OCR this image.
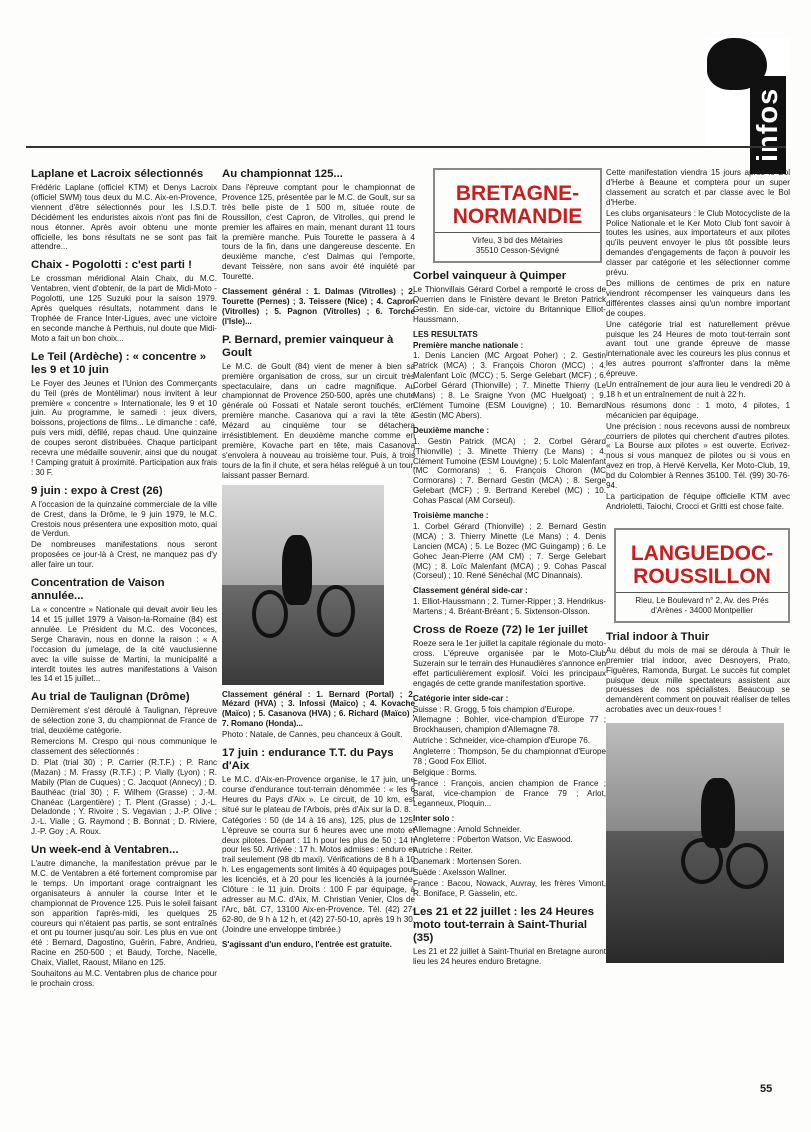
infos
Laplane et Lacroix sélectionnés

Frédéric Laplane (officiel KTM) et Denys Lacroix (officiel SWM) tous deux du M.C. Aix-en-Provence, viennent d'être sélectionnés pour les I.S.D.T. Décidément les enduristes aixois n'ont pas fini de nous étonner. Après avoir obtenu une monte officielle, les bons résultats ne se sont pas fait attendre...

Chaix - Pogolotti : c'est parti !

Le crossman méridional Alain Chaix, du M.C. Ventabren, vient d'obtenir, de la part de Midi-Moto - Pogolotti, une 125 Suzuki pour la saison 1979. Après quelques résultats, notamment dans le Trophée de France Inter-Ligues, avec une victoire en seconde manche à Perthuis, nul doute que Midi-Moto a fait un bon choix...

Le Teil (Ardèche) : « concentre » les 9 et 10 juin

Le Foyer des Jeunes et l'Union des Commerçants du Teil (près de Montélimar) nous invitent à leur première « concentre » Internationale, les 9 et 10 juin. Au programme, le samedi : jeux divers, boissons, projections de films... Le dimanche : café, puis vers midi, défilé, repas chaud. Une quinzaine de coupes seront distribuées. Chaque participant recevra une médaille souvenir, ainsi que du nougat ! Camping gratuit à proximité. Participation aux frais : 30 F.

9 juin : expo à Crest (26)

A l'occasion de la quinzaine commerciale de la ville de Crest, dans la Drôme, le 9 juin 1979, le M.C. Crestois nous présentera une exposition moto, quai de Verdun.

De nombreuses manifestations nous seront proposées ce jour-là à Crest, ne manquez pas d'y aller faire un tour.

Concentration de Vaison annulée...

La « concentre » Nationale qui devait avoir lieu les 14 et 15 juillet 1979 à Vaison-la-Romaine (84) est annulée. Le Président du M.C. des Voconces, Serge Charavin, nous en donne la raison : « A l'occasion du jumelage, de la cité vauclusienne avec la ville suisse de Martini, la municipalité a interdit toutes les autres manifestations à Vaison les 14 et 15 juillet...

Au trial de Taulignan (Drôme)

Dernièrement s'est déroulé à Taulignan, l'épreuve de sélection zone 3, du championnat de France de trial, deuxième catégorie.

Remercions M. Crespo qui nous communique le classement des sélectionnés :

D. Plat (trial 30) ; P. Carrier (R.T.F.) ; P. Ranc (Mazan) ; M. Frassy (R.T.F.) ; P. Vially (Lyon) ; R. Mabily (Plan de Cuques) ; C. Jacquot (Annecy) ; D. Bauthéac (trial 30) ; F. Wilhem (Grasse) ; J.-M. Chanéac (Largentière) ; T. Plent (Grasse) ; J.-L. Deladonde ; Y. Rivoire ; S. Vegavian ; J.-P. Olive ; J.-L. Vialle ; G. Raymond ; B. Bonnat ; D. Riviere, J.-P. Goy ; A. Roux.

Un week-end à Ventabren...

L'autre dimanche, la manifestation prévue par le M.C. de Ventabren a été fortement compromise par le temps. Un important orage contraignant les organisateurs à annuler la course Inter et le championnat de Provence 125. Puis le soleil faisant son apparition l'après-midi, les quelques 25 coureurs qui n'étaient pas partis, se sont entraînés et ont pu tourner jusqu'au soir. Les plus en vue ont été : Bernard, Dagostino, Guérin, Fabre, Andrieu, Racine en 250-500 ; et Baudy, Torche, Nacelle, Chaix, Viallet, Raoust, Milano en 125.

Souhaitons au M.C. Ventabren plus de chance pour le prochain cross.

Au championnat 125...

Dans l'épreuve comptant pour le championnat de Provence 125, présentée par le M.C. de Goult, sur sa très belle piste de 1 500 m, située route de Roussillon, c'est Capron, de Vitrolles, qui prend le premier les affaires en main, menant durant 11 tours la première manche. Puis Tourette le passera à 4 tours de la fin, dans une dangereuse descente. En deuxième manche, c'est Dalmas qui l'emporte, devant Teissère, non sans avoir été inquiété par Tourette.

Classement général : 1. Dalmas (Vitrolles) ; 2. Tourette (Pernes) ; 3. Teissere (Nice) ; 4. Capron (Vitrolles) ; 5. Pagnon (Vitrolles) ; 6. Torche (l'Isle)...

P. Bernard, premier vainqueur à Goult

Le M.C. de Goult (84) vient de mener à bien sa première organisation de cross, sur un circuit très spectaculaire, dans un cadre magnifique. Au championnat de Provence 250-500, après une chute générale où Fossati et Natale seront touchés, en première manche. Casanova qui a ravi la tête à Mézard au cinquième tour se détachera irrésistiblement. En deuxième manche comme en première, Kovache part en tête, mais Casanova s'envolera à nouveau au troisième tour. Puis, à trois tours de la fin il chute, et sera hélas relégué à un tour, laissant passer Bernard.

Classement général : 1. Bernard (Portal) ; 2. Mézard (HVA) ; 3. Infossi (Maïco) ; 4. Kovache (Maïco) ; 5. Casanova (HVA) ; 6. Richard (Maïco) ; 7. Romano (Honda)...

Photo : Natale, de Cannes, peu chanceux à Goult.

17 juin : endurance T.T. du Pays d'Aix

Le M.C. d'Aix-en-Provence organise, le 17 juin, une course d'endurance tout-terrain dénommée : « les 6 Heures du Pays d'Aix ». Le circuit, de 10 km, est situé sur le plateau de l'Arbois, près d'Aix sur la D. 8.

Catégories : 50 (de 14 à 16 ans), 125, plus de 125. L'épreuve se courra sur 6 heures avec une moto et deux pilotes. Départ : 11 h pour les plus de 50 ; 14 h pour les 50. Arrivée : 17 h. Motos admises : enduro et trail seulement (98 db maxi). Vérifications de 8 h à 10 h. Les engagements sont limités à 40 équipages pour les licenciés, et à 20 pour les licenciés à la journée. Clôture : le 11 juin. Droits : 100 F par équipage, à adresser au M.C. d'Aix, M. Christian Venier, Clos de l'Arc, bât. C7, 13100 Aix-en-Provence. Tél. (42) 27-62-80, de 9 h à 12 h, et (42) 27-50-10, après 19 h 30. (Joindre une enveloppe timbrée.)

S'agissant d'un enduro, l'entrée est gratuite.

BRETAGNE-NORMANDIE
Virfeu, 3 bd des Métairies
35510 Cesson-Sévigné
Corbel vainqueur à Quimper

Le Thionvillais Gérard Corbel a remporté le cross de Querrien dans le Finistère devant le Breton Patrick Gestin. En side-car, victoire du Britannique Elliot-Haussmann.

LES RESULTATS

Première manche nationale :

1. Denis Lancien (MC Argoat Poher) ; 2. Gestin Patrick (MCA) ; 3. François Choron (MCC) ; 4. Malenfant Loïc (MCC) ; 5. Serge Gelebart (MCF) ; 6. Corbel Gérard (Thionville) ; 7. Minette Thierry (Le Mans) ; 8. Le Sraigne Yvon (MC Huelgoat) ; 9. Clément Tumoine (ESM Louvigne) ; 10. Bernard Gestin (MC Abers).

Deuxième manche :

1. Gestin Patrick (MCA) ; 2. Corbel Gérard (Thionville) ; 3. Minette Thierry (Le Mans) ; 4. Clément Tumoine (ESM Louvigne) ; 5. Loïc Malenfant (MC Cormorans) ; 6. François Choron (MC Cormorans) ; 7. Bernard Gestin (MCA) ; 8. Serge Gelebart (MCF) ; 9. Bertrand Kerebel (MC) ; 10. Cohas Pascal (AM Corseul).

Troisième manche :

1. Corbel Gérard (Thionville) ; 2. Bernard Gestin (MCA) ; 3. Thierry Minette (Le Mans) ; 4. Denis Lancien (MCA) ; 5. Le Bozec (MC Guingamp) ; 6. Le Gohec Jean-Pierre (AM CM) ; 7. Serge Gelebart (MC) ; 8. Loïc Malenfant (MCA) ; 9. Cohas Pascal (Corseul) ; 10. René Sénéchal (MC Dinannais).

Classement général side-car :

1. Elliot-Haussmann ; 2. Turner-Ripper ; 3. Hendrikus-Martens ; 4. Bréant-Bréant ; 5. Sixtenson-Olsson.

Cross de Roeze (72) le 1er juillet

Roeze sera le 1er juillet la capitale régionale du moto-cross. L'épreuve organisée par le Moto-Club Suzerain sur le terrain des Hunaudières s'annonce en effet particulièrement explosif. Voici les principaux engagés de cette grande manifestation sportive.

Catégorie inter side-car :

Suisse : R. Grogg, 5 fois champion d'Europe.

Allemagne : Bohler, vice-champion d'Europe 77 ; Brockhausen, champion d'Allemagne 78.

Autriche : Schneider, vice-champion d'Europe 76.

Angleterre : Thompson, 5e du championnat d'Europe 78 ; Good Fox Elliot.

Belgique : Borms.

France : François, ancien champion de France ; Barat, vice-champion de France 79 ; Arlot, Leganneux, Ploquin...

Inter solo :

Allemagne : Arnold Schneider.

Angleterre : Poberton Watson, Vic Easwood.

Autriche : Reiter.

Danemark : Mortensen Soren.

Suède : Axelsson Wallner.

France : Bacou, Nowack, Auvray, les frères Vimont, R. Boniface, P. Gasselin, etc.

Les 21 et 22 juillet : les 24 Heures moto tout-terrain à Saint-Thurial (35)

Les 21 et 22 juillet à Saint-Thurial en Bretagne auront lieu les 24 heures enduro Bretagne.

Cette manifestation viendra 15 jours après le Bol d'Herbe à Beaune et comptera pour un super classement au scratch et par classe avec le Bol d'Herbe.

Les clubs organisateurs : le Club Motocycliste de la Police Nationale et le Ker Moto Club font savoir à toutes les usines, aux importateurs et aux pilotes qu'ils peuvent envoyer le plus tôt possible leurs demandes d'engagements de façon à pouvoir les classer par catégorie et les sélectionner comme prévu.

Des millions de centimes de prix en nature viendront récompenser les vainqueurs dans les différentes classes ainsi qu'un nombre important de coupes.

Une catégorie trial est naturellement prévue puisque les 24 Heures de moto tout-terrain sont avant tout une grande épreuve de masse internationale avec les coureurs les plus connus et les autres pourront s'affronter dans la même épreuve.

Un entraînement de jour aura lieu le vendredi 20 à 18 h et un entraînement de nuit à 22 h.

Nous résumons donc : 1 moto, 4 pilotes, 1 mécanicien par équipage.

Une précision : nous recevons aussi de nombreux courriers de pilotes qui cherchent d'autres pilotes. « La Bourse aux pilotes » est ouverte. Ecrivez-nous si vous manquez de pilotes ou si vous en avez en trop, à Hervé Kervella, Ker Moto-Club, 19, bd du Colombier à Rennes 35100. Tél. (99) 30-76-94.

La participation de l'équipe officielle KTM avec Andrioletti, Taiochi, Crocci et Gritti est chose faite.

LANGUEDOC-ROUSSILLON
Rieu, Le Boulevard n° 2, Av. des Prés
d'Arènes - 34000 Montpellier
Trial indoor à Thuir

Au début du mois de mai se déroula à Thuir le premier trial indoor, avec Desnoyers, Prato, Figuères, Ramonda, Burgat. Le succès fut complet puisque deux mille spectateurs assistent aux prouesses de nos spécialistes. Beaucoup se demandèrent comment on pouvait réaliser de telles acrobaties avec un deux-roues !

55
